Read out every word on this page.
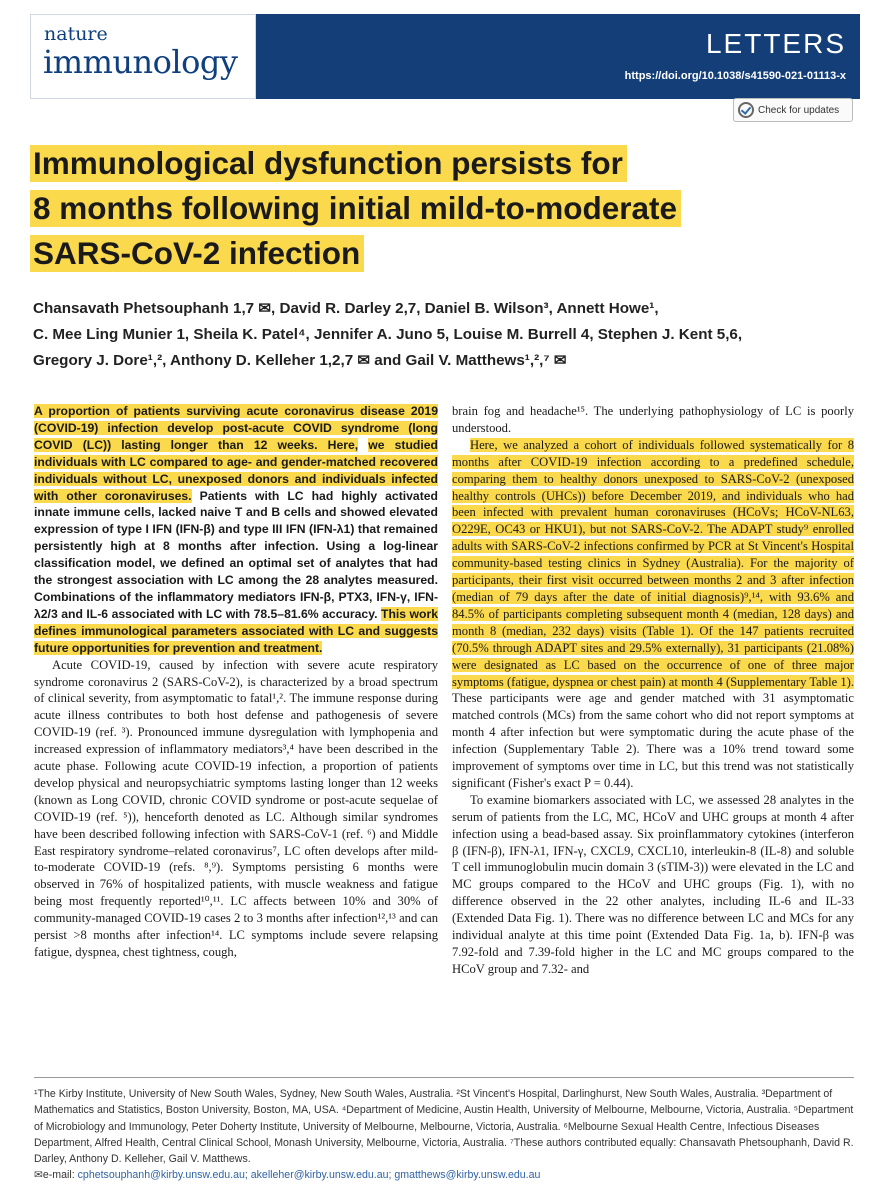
nature
immunology	LETTERS
https://doi.org/10.1038/s41590-021-01113-x
Check for updates
Immunological dysfunction persists for
8 months following initial mild-to-moderate
SARS-CoV-2 infection
Chansavath Phetsouphanh 1,7 ✉, David R. Darley 2,7, Daniel B. Wilson³, Annett Howe¹,
C. Mee Ling Munier 1, Sheila K. Patel⁴, Jennifer A. Juno 5, Louise M. Burrell 4, Stephen J. Kent 5,6,
Gregory J. Dore¹,², Anthony D. Kelleher 1,2,7 ✉ and Gail V. Matthews¹,²,⁷ ✉
A proportion of patients surviving acute coronavirus disease 2019 (COVID-19) infection develop post-acute COVID syndrome (long COVID (LC)) lasting longer than 12 weeks. Here, we studied individuals with LC compared to age- and gender-matched recovered individuals without LC, unexposed donors and individuals infected with other coronaviruses. Patients with LC had highly activated innate immune cells, lacked naive T and B cells and showed elevated expression of type I IFN (IFN-β) and type III IFN (IFN-λ1) that remained persistently high at 8 months after infection. Using a log-linear classification model, we defined an optimal set of analytes that had the strongest association with LC among the 28 analytes measured. Combinations of the inflammatory mediators IFN-β, PTX3, IFN-γ, IFN-λ2/3 and IL-6 associated with LC with 78.5–81.6% accuracy. This work defines immunological parameters associated with LC and suggests future opportunities for prevention and treatment.
Acute COVID-19, caused by infection with severe acute respiratory syndrome coronavirus 2 (SARS-CoV-2), is characterized by a broad spectrum of clinical severity, from asymptomatic to fatal¹,². The immune response during acute illness contributes to both host defense and pathogenesis of severe COVID-19 (ref. ³). Pronounced immune dysregulation with lymphopenia and increased expression of inflammatory mediators³,⁴ have been described in the acute phase. Following acute COVID-19 infection, a proportion of patients develop physical and neuropsychiatric symptoms lasting longer than 12 weeks (known as Long COVID, chronic COVID syndrome or post-acute sequelae of COVID-19 (ref. ⁵)), henceforth denoted as LC. Although similar syndromes have been described following infection with SARS-CoV-1 (ref. ⁶) and Middle East respiratory syndrome–related coronavirus⁷, LC often develops after mild-to-moderate COVID-19 (refs. ⁸,⁹). Symptoms persisting 6 months were observed in 76% of hospitalized patients, with muscle weakness and fatigue being most frequently reported¹⁰,¹¹. LC affects between 10% and 30% of community-managed COVID-19 cases 2 to 3 months after infection¹²,¹³ and can persist >8 months after infection¹⁴. LC symptoms include severe relapsing fatigue, dyspnea, chest tightness, cough,
brain fog and headache¹⁵. The underlying pathophysiology of LC is poorly understood.
Here, we analyzed a cohort of individuals followed systematically for 8 months after COVID-19 infection according to a predefined schedule, comparing them to healthy donors unexposed to SARS-CoV-2 (unexposed healthy controls (UHCs)) before December 2019, and individuals who had been infected with prevalent human coronaviruses (HCoVs; HCoV-NL63, O229E, OC43 or HKU1), but not SARS-CoV-2. The ADAPT study⁹ enrolled adults with SARS-CoV-2 infections confirmed by PCR at St Vincent's Hospital community-based testing clinics in Sydney (Australia). For the majority of participants, their first visit occurred between months 2 and 3 after infection (median of 79 days after the date of initial diagnosis)⁹,¹⁴, with 93.6% and 84.5% of participants completing subsequent month 4 (median, 128 days) and month 8 (median, 232 days) visits (Table 1). Of the 147 patients recruited (70.5% through ADAPT sites and 29.5% externally), 31 participants (21.08%) were designated as LC based on the occurrence of one of three major symptoms (fatigue, dyspnea or chest pain) at month 4 (Supplementary Table 1). These participants were age and gender matched with 31 asymptomatic matched controls (MCs) from the same cohort who did not report symptoms at month 4 after infection but were symptomatic during the acute phase of the infection (Supplementary Table 2). There was a 10% trend toward some improvement of symptoms over time in LC, but this trend was not statistically significant (Fisher's exact P = 0.44).
To examine biomarkers associated with LC, we assessed 28 analytes in the serum of patients from the LC, MC, HCoV and UHC groups at month 4 after infection using a bead-based assay. Six proinflammatory cytokines (interferon β (IFN-β), IFN-λ1, IFN-γ, CXCL9, CXCL10, interleukin-8 (IL-8) and soluble T cell immunoglobulin mucin domain 3 (sTIM-3)) were elevated in the LC and MC groups compared to the HCoV and UHC groups (Fig. 1), with no difference observed in the 22 other analytes, including IL-6 and IL-33 (Extended Data Fig. 1). There was no difference between LC and MCs for any individual analyte at this time point (Extended Data Fig. 1a, b). IFN-β was 7.92-fold and 7.39-fold higher in the LC and MC groups compared to the HCoV group and 7.32- and
¹The Kirby Institute, University of New South Wales, Sydney, New South Wales, Australia. ²St Vincent's Hospital, Darlinghurst, New South Wales, Australia. ³Department of Mathematics and Statistics, Boston University, Boston, MA, USA. ⁴Department of Medicine, Austin Health, University of Melbourne, Melbourne, Victoria, Australia. ⁵Department of Microbiology and Immunology, Peter Doherty Institute, University of Melbourne, Melbourne, Victoria, Australia. ⁶Melbourne Sexual Health Centre, Infectious Diseases Department, Alfred Health, Central Clinical School, Monash University, Melbourne, Victoria, Australia. ⁷These authors contributed equally: Chansavath Phetsouphanh, David R. Darley, Anthony D. Kelleher, Gail V. Matthews.
✉e-mail: cphetsouphanh@kirby.unsw.edu.au; akelleher@kirby.unsw.edu.au; gmatthews@kirby.unsw.edu.au
